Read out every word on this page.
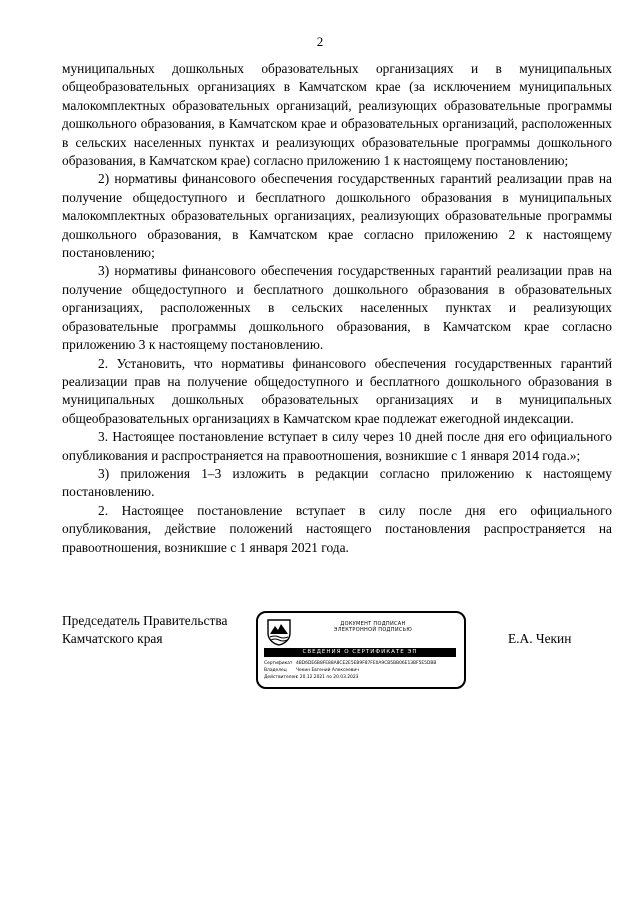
2

муниципальных дошкольных образовательных организациях и в муниципальных общеобразовательных организациях в Камчатском крае (за исключением муниципальных малокомплектных образовательных организаций, реализующих образовательные программы дошкольного образования, в Камчатском крае и образовательных организаций, расположенных в сельских населенных пунктах и реализующих образовательные программы дошкольного образования, в Камчатском крае) согласно приложению 1 к настоящему постановлению;

2) нормативы финансового обеспечения государственных гарантий реализации прав на получение общедоступного и бесплатного дошкольного образования в муниципальных малокомплектных образовательных организациях, реализующих образовательные программы дошкольного образования, в Камчатском крае согласно приложению 2 к настоящему постановлению;

3) нормативы финансового обеспечения государственных гарантий реализации прав на получение общедоступного и бесплатного дошкольного образования в образовательных организациях, расположенных в сельских населенных пунктах и реализующих образовательные программы дошкольного образования, в Камчатском крае согласно приложению 3 к настоящему постановлению.

2. Установить, что нормативы финансового обеспечения государственных гарантий реализации прав на получение общедоступного и бесплатного дошкольного образования в муниципальных дошкольных образовательных организациях и в муниципальных общеобразовательных организациях в Камчатском крае подлежат ежегодной индексации.

3. Настоящее постановление вступает в силу через 10 дней после дня его официального опубликования и распространяется на правоотношения, возникшие с 1 января 2014 года.»;

3) приложения 1–3 изложить в редакции согласно приложению к настоящему постановлению.

2. Настоящее постановление вступает в силу после дня его официального опубликования, действие положений настоящего постановления распространяется на правоотношения, возникшие с 1 января 2021 года.

Председатель Правительства
Камчатского края
ДОКУМЕНТ ПОДПИСАН
ЭЛЕКТРОННОЙ ПОДПИСЬЮ
СВЕДЕНИЯ О СЕРТИФИКАТЕ ЭП
Сертификат 4BD6DE6B8FE88A8CE2E5EB9F87FE0A9CB5BB06E13BF5E5DBB
Владелец	Чекин Евгений Алексеевич
Действителен
с 20.12.2021 по 20.03.2023
Е.А. Чекин
